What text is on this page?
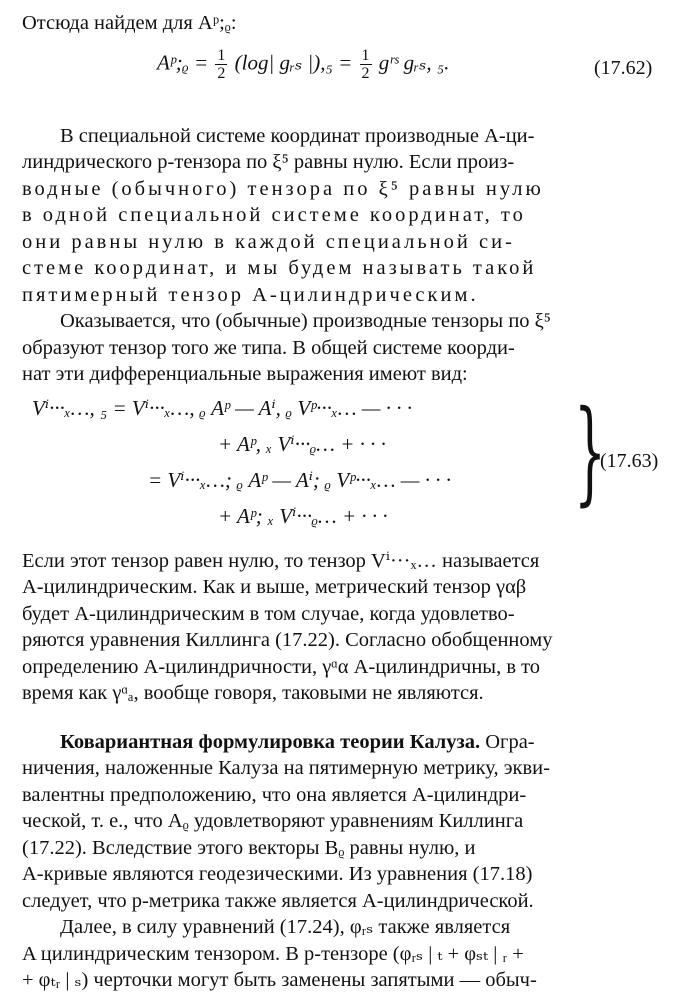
Отсюда найдем для Aᵖ;ᵨ:

Aᵖ;ᵨ = $\frac{1}{2} (\log|$ gᵣₛ $|),_5 = \frac{1}{2}$ gʳˢ gᵣₛ, ₅.	(17.62)

В специальной системе координат производные A-ци-

линдрического p-тензора по ξ⁵ равны нулю. Если произ-

водные (обычного) тензора по ξ⁵ равны нулю

в одной специальной системе координат, то

они равны нулю в каждой специальной си-

стеме координат, и мы будем называть такой

пятимерный тензор A-цилиндрическим.

Оказывается, что (обычные) производные тензоры по ξ⁵

образуют тензор того же типа. В общей системе коорди-

нат эти дифференциальные выражения имеют вид:

Vⁱ···ₓ…, ₅ = Vⁱ···ₓ…, ᵨ Aᵖ — Aⁱ, ᵨ Vᵖ···ₓ… — · · ·
+ Aᵖ, ₓ Vⁱ···ᵨ… + · · ·
= Vⁱ···ₓ…; ᵨ Aᵖ — Aⁱ; ᵨ Vᵖ···ₓ… — · · ·
+ Aᵖ; ₓ Vⁱ···ᵨ… + · · · }
(17.63)

Если этот тензор равен нулю, то тензор Vⁱ···ₓ… называется

A-цилиндрическим. Как и выше, метрический тензор γαβ

будет A-цилиндрическим в том случае, когда удовлетво-

ряются уравнения Киллинга (17.22). Согласно обобщенному

определению A-цилиндричности, γᵅα A-цилиндричны, в то

время как γᵅₐ, вообще говоря, таковыми не являются.

Ковариантная формулировка теории Калуза. Огра-

ничения, наложенные Калуза на пятимерную метрику, экви-

валентны предположению, что она является A-цилиндри-

ческой, т. е., что Aᵨ удовлетворяют уравнениям Киллинга

(17.22). Вследствие этого векторы Bᵨ равны нулю, и

A-кривые являются геодезическими. Из уравнения (17.18)

следует, что p-метрика также является A-цилиндрической.

Далее, в силу уравнений (17.24), φᵣₛ также является

A цилиндрическим тензором. В p-тензоре (φᵣₛ | ₜ + φₛₜ | ᵣ +

+ φₜᵣ | ₛ) черточки могут быть заменены запятыми — обыч-
